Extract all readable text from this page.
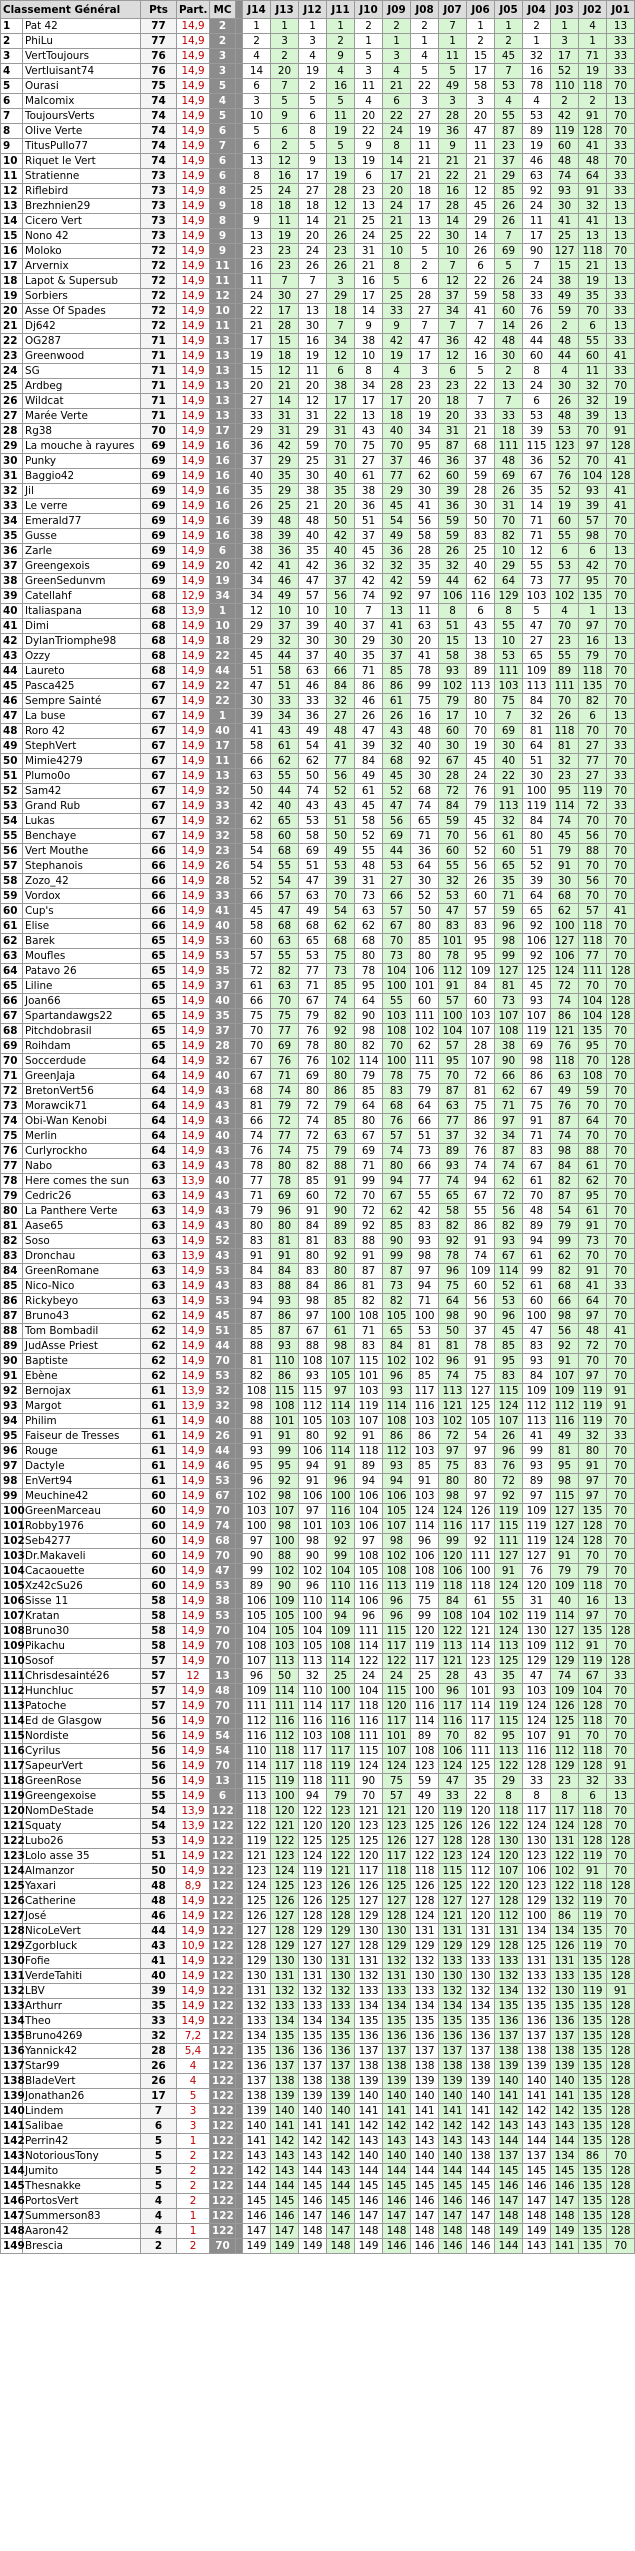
Classement Général		Pts	Part.	MC		J14	J13	J12	J11	J10	J09	J08	J07	J06	J05	J04	J03	J02	J01
1	Pat 42	77	14,9	2		1	1	1	1	2	2	2	7	1	1	2	1	4	13
2	PhiLu	77	14,9	2		2	3	3	2	1	1	1	1	2	2	1	3	1	33
3	VertToujours	76	14,9	3		4	2	4	9	5	3	4	11	15	45	32	17	71	33
4	Vertluisant74	76	14,9	3		14	20	19	4	3	4	5	5	17	7	16	52	19	33
5	Ourasi	75	14,9	5		6	7	2	16	11	21	22	49	58	53	78	110	118	70
6	Malcomix	74	14,9	4		3	5	5	5	4	6	3	3	3	4	4	2	2	13
7	ToujoursVerts	74	14,9	5		10	9	6	11	20	22	27	28	20	55	53	42	91	70
8	Olive Verte	74	14,9	6		5	6	8	19	22	24	19	36	47	87	89	119	128	70
9	TitusPullo77	74	14,9	7		6	2	5	5	9	8	11	9	11	23	19	60	41	33
10	Riquet le Vert	74	14,9	6		13	12	9	13	19	14	21	21	21	37	46	48	48	70
11	Stratienne	73	14,9	6		8	16	17	19	6	17	21	22	21	29	63	74	64	33
12	Riflebird	73	14,9	8		25	24	27	28	23	20	18	16	12	85	92	93	91	33
13	Brezhnien29	73	14,9	9		18	18	18	12	13	24	17	28	45	26	24	30	32	13
14	Cicero Vert	73	14,9	8		9	11	14	21	25	21	13	14	29	26	11	41	41	13
15	Nono 42	73	14,9	9		13	19	20	26	24	25	22	30	14	7	17	25	13	13
16	Moloko	72	14,9	9		23	23	24	23	31	10	5	10	26	69	90	127	118	70
17	Arvernix	72	14,9	11		16	23	26	26	21	8	2	7	6	5	7	15	21	13
18	Lapot & Supersub	72	14,9	11		11	7	7	3	16	5	6	12	22	26	24	38	19	13
19	Sorbiers	72	14,9	12		24	30	27	29	17	25	28	37	59	58	33	49	35	33
20	Asse Of Spades	72	14,9	10		22	17	13	18	14	33	27	34	41	60	76	59	70	33
21	Dj642	72	14,9	11		21	28	30	7	9	9	7	7	7	14	26	2	6	13
22	OG287	71	14,9	13		17	15	16	34	38	42	47	36	42	48	44	48	55	33
23	Greenwood	71	14,9	13		19	18	19	12	10	19	17	12	16	30	60	44	60	41
24	SG	71	14,9	13		15	12	11	6	8	4	3	6	5	2	8	4	11	33
25	Ardbeg	71	14,9	13		20	21	20	38	34	28	23	23	22	13	24	30	32	70
26	Wildcat	71	14,9	13		27	14	12	17	17	17	20	18	7	7	6	26	32	19
27	Marée Verte	71	14,9	13		33	31	31	22	13	18	19	20	33	33	53	48	39	13
28	Rg38	70	14,9	17		29	31	29	31	43	40	34	31	21	18	39	53	70	91
29	La mouche à rayures	69	14,9	16		36	42	59	70	75	70	95	87	68	111	115	123	97	128
30	Punky	69	14,9	16		37	29	25	31	27	37	46	36	37	48	36	52	70	41
31	Baggio42	69	14,9	16		40	35	30	40	61	77	62	60	59	69	67	76	104	128
32	Jil	69	14,9	16		35	29	38	35	38	29	30	39	28	26	35	52	93	41
33	Le verre	69	14,9	16		26	25	21	20	36	45	41	36	30	31	14	19	39	41
34	Emerald77	69	14,9	16		39	48	48	50	51	54	56	59	50	70	71	60	57	70
35	Gusse	69	14,9	16		38	39	40	42	37	49	58	59	83	82	71	55	98	70
36	Zarle	69	14,9	6		38	36	35	40	45	36	28	26	25	10	12	6	6	13
37	Greengexois	69	14,9	20		42	41	42	36	32	32	35	32	40	29	55	53	42	70
38	GreenSedunvm	69	14,9	19		34	46	47	37	42	42	59	44	62	64	73	77	95	70
39	Catellahf	68	12,9	34		34	49	57	56	74	92	97	106	116	129	103	102	135	70
40	Italiaspana	68	13,9	1		12	10	10	10	7	13	11	8	6	8	5	4	1	13
41	Dimi	68	14,9	10		29	37	39	40	37	41	63	51	43	55	47	70	97	70
42	DylanTriomphe98	68	14,9	18		29	32	30	30	29	30	20	15	13	10	27	23	16	13
43	Ozzy	68	14,9	22		45	44	37	40	35	37	41	58	38	53	65	55	79	70
44	Laureto	68	14,9	44		51	58	63	66	71	85	78	93	89	111	109	89	118	70
45	Pasca425	67	14,9	22		47	51	46	84	86	86	99	102	113	103	113	111	135	70
46	Sempre Sainté	67	14,9	22		30	33	33	32	46	61	75	79	80	75	84	70	82	70
47	La buse	67	14,9	1		39	34	36	27	26	26	16	17	10	7	32	26	6	13
48	Roro 42	67	14,9	40		41	43	49	48	47	43	48	60	70	69	81	118	70	70
49	StephVert	67	14,9	17		58	61	54	41	39	32	40	30	19	30	64	81	27	33
50	Mimie4279	67	14,9	11		66	62	62	77	84	68	92	67	45	40	51	32	77	70
51	Plumo0o	67	14,9	13		63	55	50	56	49	45	30	28	24	22	30	23	27	33
52	Sam42	67	14,9	32		50	44	74	52	61	52	68	72	76	91	100	95	119	70
53	Grand Rub	67	14,9	33		42	40	43	43	45	47	74	84	79	113	119	114	72	33
54	Lukas	67	14,9	32		62	65	53	51	58	56	65	59	45	32	84	74	70	70
55	Benchaye	67	14,9	32		58	60	58	50	52	69	71	70	56	61	80	45	56	70
56	Vert Mouthe	66	14,9	23		54	68	69	49	55	44	36	60	52	60	51	79	88	70
57	Stephanois	66	14,9	26		54	55	51	53	48	53	64	55	56	65	52	91	70	70
58	Zozo_42	66	14,9	28		52	54	47	39	31	27	30	32	26	35	39	30	56	70
59	Vordox	66	14,9	33		66	57	63	70	73	66	52	53	60	71	64	68	70	70
60	Cup's	66	14,9	41		45	47	49	54	63	57	50	47	57	59	65	62	57	41
61	Elise	66	14,9	40		58	68	68	62	62	67	80	83	83	96	92	100	118	70
62	Barek	65	14,9	53		60	63	65	68	68	70	85	101	95	98	106	127	118	70
63	Moufles	65	14,9	53		57	55	53	75	80	73	80	78	95	99	92	106	77	70
64	Patavo 26	65	14,9	35		72	82	77	73	78	104	106	112	109	127	125	124	111	128
65	Liline	65	14,9	37		61	63	71	85	95	100	101	91	84	81	45	72	70	70
66	Joan66	65	14,9	40		66	70	67	74	64	55	60	57	60	73	93	74	104	128
67	Spartandawgs22	65	14,9	35		75	75	79	82	90	103	111	100	103	107	107	86	104	128
68	Pitchdobrasil	65	14,9	37		70	77	76	92	98	108	102	104	107	108	119	121	135	70
69	Roihdam	65	14,9	28		70	69	78	80	82	70	62	57	28	38	69	76	95	70
70	Soccerdude	64	14,9	32		67	76	76	102	114	100	111	95	107	90	98	118	70	128
71	GreenJaja	64	14,9	40		67	71	69	80	79	78	75	70	72	66	86	63	108	70
72	BretonVert56	64	14,9	43		68	74	80	86	85	83	79	87	81	62	67	49	59	70
73	Morawcik71	64	14,9	43		81	79	72	79	64	68	64	63	75	71	75	76	70	70
74	Obi-Wan Kenobi	64	14,9	43		66	72	74	85	80	76	66	77	86	97	91	87	64	70
75	Merlin	64	14,9	40		74	77	72	63	67	57	51	37	32	34	71	74	70	70
76	Curlyrockho	64	14,9	43		76	74	75	79	69	74	73	89	76	87	83	98	88	70
77	Nabo	63	14,9	43		78	80	82	88	71	80	66	93	74	74	67	84	61	70
78	Here comes the sun	63	13,9	40		77	78	85	91	99	94	77	74	94	62	61	82	62	70
79	Cedric26	63	14,9	43		71	69	60	72	70	67	55	65	67	72	70	87	95	70
80	La Panthere Verte	63	14,9	43		79	96	91	90	72	62	42	58	55	56	48	54	61	70
81	Aase65	63	14,9	43		80	80	84	89	92	85	83	82	86	82	89	79	91	70
82	Soso	63	14,9	52		83	81	81	83	88	90	93	92	91	93	94	99	73	70
83	Dronchau	63	13,9	43		91	91	80	92	91	99	98	78	74	67	61	62	70	70
84	GreenRomane	63	14,9	53		84	84	83	80	87	87	97	96	109	114	99	82	91	70
85	Nico-Nico	63	14,9	43		83	88	84	86	81	73	94	75	60	52	61	68	41	33
86	Rickybeyo	63	14,9	53		94	93	98	85	82	82	71	64	56	53	60	66	64	70
87	Bruno43	62	14,9	45		87	86	97	100	108	105	100	98	90	96	100	98	97	70
88	Tom Bombadil	62	14,9	51		85	87	67	61	71	65	53	50	37	45	47	56	48	41
89	JudAsse Priest	62	14,9	44		88	93	88	98	83	84	81	81	78	85	83	92	72	70
90	Baptiste	62	14,9	70		81	110	108	107	115	102	102	96	91	95	93	91	70	70
91	Ebène	62	14,9	53		82	86	93	105	101	96	85	74	75	83	84	107	97	70
92	Bernojax	61	13,9	32		108	115	115	97	103	93	117	113	127	115	109	109	119	91
93	Margot	61	13,9	32		98	108	112	114	119	114	116	121	125	124	112	112	119	91
94	Philim	61	14,9	40		88	101	105	103	107	108	103	102	105	107	113	116	119	70
95	Faiseur de Tresses	61	14,9	26		91	91	80	92	91	86	86	72	54	26	41	49	32	33
96	Rouge	61	14,9	44		93	99	106	114	118	112	103	97	97	96	99	81	80	70
97	Dactyle	61	14,9	46		95	95	94	91	89	93	85	75	83	76	93	95	91	70
98	EnVert94	61	14,9	53		96	92	91	96	94	94	91	80	80	72	89	98	97	70
99	Meuchine42	60	14,9	67		102	98	106	100	106	106	103	98	97	92	97	115	97	70
100	GreenMarceau	60	14,9	70		103	107	97	116	104	105	124	124	126	119	109	127	135	70
101	Robby1976	60	14,9	74		100	98	101	103	106	107	114	116	117	115	119	127	128	70
102	Seb4277	60	14,9	68		97	100	98	92	97	98	96	99	92	111	119	124	128	70
103	Dr.Makaveli	60	14,9	70		90	88	90	99	108	102	106	120	111	127	127	91	70	70
104	Cacaouette	60	14,9	47		99	102	102	104	105	108	108	106	100	91	76	79	79	70
105	Xz42cSu26	60	14,9	53		89	90	96	110	116	113	119	118	118	124	120	109	118	70
106	Sisse 11	58	14,9	38		106	109	110	114	106	96	75	84	61	55	31	40	16	13
107	Kratan	58	14,9	53		105	105	100	94	96	96	99	108	104	102	119	114	97	70
108	Bruno30	58	14,9	70		104	105	104	109	111	115	120	122	121	124	130	127	135	128
109	Pikachu	58	14,9	70		108	103	105	108	114	117	119	113	114	113	109	112	91	70
110	Sosof	57	14,9	70		107	113	113	114	122	122	117	121	123	125	129	129	119	128
111	Chrisdesainté26	57	12	13		96	50	32	25	24	24	25	28	43	35	47	74	67	33
112	Hunchluc	57	14,9	48		109	114	110	100	104	115	100	96	101	93	103	109	104	70
113	Patoche	57	14,9	70		111	111	114	117	118	120	116	117	114	119	124	126	128	70
114	Ed de Glasgow	56	14,9	70		112	116	116	116	116	117	114	116	117	115	124	125	118	70
115	Nordiste	56	14,9	54		116	112	103	108	111	101	89	70	82	95	107	91	70	70
116	Cyrilus	56	14,9	54		110	118	117	117	115	107	108	106	111	113	116	112	118	70
117	SapeurVert	56	14,9	70		114	117	118	119	124	124	123	124	125	122	128	129	128	91
118	GreenRose	56	14,9	13		115	119	118	111	90	75	59	47	35	29	33	23	32	33
119	Greengexoise	55	14,9	6		113	100	94	79	70	57	49	33	22	8	8	8	6	13
120	NomDeStade	54	13,9	122		118	120	122	123	121	121	120	119	120	118	117	117	118	70
121	Squaty	54	13,9	122		122	121	120	120	123	123	125	126	126	122	124	124	128	70
122	Lubo26	53	14,9	122		119	122	125	125	125	126	127	128	128	130	130	131	128	128
123	Lolo asse 35	51	14,9	122		121	123	124	122	120	117	122	123	124	120	123	122	119	70
124	Almanzor	50	14,9	122		123	124	119	121	117	118	118	115	112	107	106	102	91	70
125	Yaxari	48	8,9	122		124	125	123	126	126	125	126	125	122	120	123	122	118	128
126	Catherine	48	14,9	122		125	126	126	125	127	127	128	127	127	128	129	132	119	70
127	José	46	14,9	122		126	127	128	128	129	128	124	121	120	112	100	86	119	70
128	NicoLeVert	44	14,9	122		127	128	129	129	130	130	131	131	131	131	134	134	135	70
129	Zgorbluck	43	10,9	122		128	129	127	127	128	129	129	129	129	128	125	126	119	70
130	Fofie	41	14,9	122		129	130	130	131	131	132	132	133	133	133	131	131	135	128
131	VerdeTahiti	40	14,9	122		130	131	131	130	132	131	130	130	130	132	133	133	135	128
132	LBV	39	14,9	122		131	132	132	132	133	133	133	132	132	134	132	130	119	91
133	Arthurr	35	14,9	122		132	133	133	133	134	134	134	134	134	135	135	135	135	128
134	Theo	33	14,9	122		133	134	134	134	135	135	135	135	135	136	136	136	135	128
135	Bruno4269	32	7,2	122		134	135	135	135	136	136	136	136	136	137	137	137	135	128
136	Yannick42	28	5,4	122		135	136	136	136	137	137	137	137	137	138	138	138	135	128
137	Star99	26	4	122		136	137	137	137	138	138	138	138	138	139	139	139	135	128
138	BladeVert	26	4	122		137	138	138	138	139	139	139	139	139	140	140	140	135	128
139	Jonathan26	17	5	122		138	139	139	139	140	140	140	140	140	141	141	141	135	128
140	Lindem	7	3	122		139	140	140	140	141	141	141	141	141	142	142	142	135	128
141	Salibae	6	3	122		140	141	141	141	142	142	142	142	142	143	143	143	135	128
142	Perrin42	5	1	122		141	142	142	142	143	143	143	143	143	144	144	144	135	128
143	NotoriousTony	5	2	122		143	143	143	142	140	140	140	140	138	137	137	134	86	70
144	Jumito	5	2	122		142	143	144	143	144	144	144	144	144	145	145	145	135	128
145	Thesnakke	5	2	122		144	144	145	144	145	145	145	145	145	146	146	146	135	128
146	PortosVert	4	2	122		145	145	146	145	146	146	146	146	146	147	147	147	135	128
147	Summerson83	4	1	122		146	146	147	146	147	147	147	147	147	148	148	148	135	128
148	Aaron42	4	1	122		147	147	148	147	148	148	148	148	148	149	149	149	135	128
149	Brescia	2	2	70		149	149	149	148	149	146	146	146	146	144	143	141	135	70
